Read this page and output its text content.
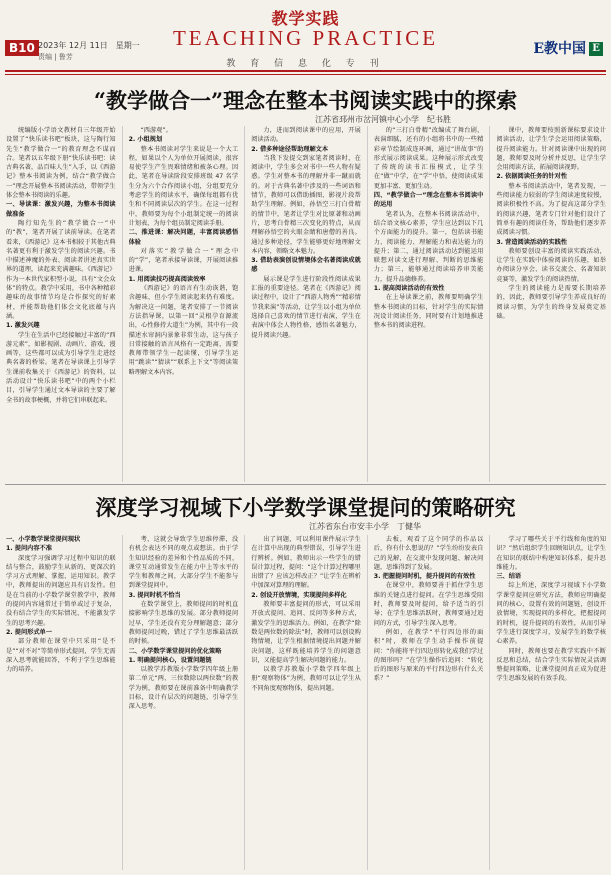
B10 2023年 12月 11日　星期一
责编 | 鲁芳
教学实践
TEACHING PRACTICE
教 育 信 息 化 专 刊
E教中国 E
“教学做合一”理念在整本书阅读实践中的探索
江苏省邳州市岔河镇中心小学　纪书胜

统编版小学语文教材自三年级开始设置了“快乐读书吧”板块，这与陶行知先生“教学做合一”的教育理念不谋而合。笔者以五年级下册“快乐读书吧：读古典名著，品百味人生”入手，以《西游记》整本书阅读为例，结合“教学做合一”理念开展整本书阅读活动，带领学生体会整本书阅读的乐趣。

一、导读课：激发兴趣，为整本书阅读做准备

陶行知先生的“教学做合一”中的“教”，笔者开展了读前导读。在笔者看来，《西游记》这本书相较于其他古典名著更有利于激发学生的阅读兴趣。书中描述神魔的外表、阅读者讲述真实世界的道理，读起来充满趣味。《西游记》作为一本世代家积型小说，具有“文会众体”的特点。教学中采用，书中各种精彩趣味的故事情节均是合作探究的好素材，并能帮助他们体会文化底蕴与内涵。

1. 激发兴趣

学生在生活中已经接触过丰富的“西游元素”，如影视剧、动画片、游戏、漫画等，这些都可以成为引导学生走进经典名著的桥梁。笔者在导读课上引导学生课前收集关于《西游记》的资料，以活动设计“快乐读书吧”中的两个小栏目，引导学生通过文本导读的主要了解全书的故事梗概，并将它们串联起来。

“西游观”。

2. 小组规划

整本书阅读对学生来说是一个大工程，如果以个人为单位开展阅读，很容易使学生产生畏难情绪和被条心理。因此，笔者在导读阶段安排班级 47 名学生分为六个合作阅读小组，分组要充分考虑学生的阅读水平，确保每组都有优生和不同阅读层次的学生。在这一过程中，教师要为每个小组制定统一的阅读计划表，为每个组员制定阅读手册。

二、推进课：解决问题，丰富阅读感悟体验

对落实“教学做合一”理念中的“学”，笔者承接导读课，开展阅读推进课。

1. 用阅读技巧提高阅读效率

《西游记》的语言有生动诙谐，饱含趣味，但小学生阅读起来仍有难度。为解决这一问题，笔者安排了一节阅读方法指导课，以第一回“灵根孕育源流出，心性修持大道生”为例，其中有一段描述水帘洞内景象非常生动，这与孩子日常接触的语言风格有一定距离，需要教师带领学生一起读懂，引导学生运用“跳读”“猜读”“联系上下文”等阅读策略理解文本内容。

力，进而到阅读课中的应用，开展阅读活动。

2. 借多种途径帮助理解文本

当我下发提交到家笔者阅读时，在阅读中，学生多会对书中一些人物有疑惑。学生对整本书的理解并非一蹴而就的。对于古典名著中涉及的一些词语和情节，教师可以借助插图、影视片段帮助学生理解。例如，孙悟空三打白骨精的情节中，笔者让学生对比原著和动画片，思考白骨精三次变化的特点，从而理解孙悟空的火眼金睛和唐僧的善良。通过多种途径，学生能够更好地理解文本内容，领略文本魅力。

3. 借助表演创设情境体会名著阅读成就感

展示课是学生进行阶段性阅读成果汇报的重要途径。笔者在《西游记》阅读过程中，设计了“西游人物秀”“精彩情节我来演”等活动，让学生以小组为单位选择自己喜欢的情节进行表演，学生在表演中体会人物性格，感悟名著魅力，提升阅读兴趣。

的“三打白骨精”改编成了舞台剧，表演细腻，还有的小组将书中的一些精彩章节绘制成连环画，通过“讲故事”的形式展示阅读成果。这种展示形式改变了传统的读书汇报模式，让学生在“做”中学，在“学”中悟，使阅读成果更加丰富、更加生动。

四、“教学做合一”理念在整本书阅读中的运用

笔者认为，在整本书阅读活动中，结合语文核心素养，学生应达到以下几个方面能力的提升。第一，包括读书能力、阅读能力、理解能力和表达能力的提升；第二，通过阅读活动达到能运用联想对读文进行理解、判断的思维能力；第三，能够通过阅读培养审美能力，提升品德修养。

1. 提高阅读活动的有效性

在上导读课之前，教师要明确学生整本书阅读的目标，针对学生的实际情况设计阅读任务，同时要有计划地推进整本书的阅读进程。

课中，教师要按照新课标要求设计阅读活动，让学生学会运用阅读策略，提升阅读能力。针对阅读课中出现的问题，教师要及时分析并反思，让学生学会用阅读方法，拓展阅读视野。

2. 依据阅读任务的针对性

整本书阅读活动中，笔者发现，一些阅读能力较弱的学生阅读速度较慢，阅读积极性不高。为了提高这部分学生的阅读兴趣，笔者专门针对他们设计了简单有趣的阅读任务，帮助他们逐步养成阅读习惯。

3. 营造阅读活动的实践性

教师要创设丰富的阅读实践活动，让学生在实践中体验阅读的乐趣，如举办阅读分享会、读书交流会、名著知识竞赛等，激发学生的阅读热情。

学生的阅读能力是需要长期培养的，因此，教师要引导学生养成良好的阅读习惯，为学生的终身发展奠定基础。

深度学习视域下小学数学课堂提问的策略研究
江苏省东台市安丰小学　丁健华

一、小学数学课堂提问现状

1. 提问内容不准

深度学习强调学习过程中知识的联结与整合，鼓励学生从新的、更深次的学习方式理解、掌握、运用知识。教学中，教师提出的问题应具有启发性。但是在当前的小学数学课堂教学中，教师的提问内容通常过于简单或过于复杂，没有结合学生的实际情况，不能激发学生的思考兴趣。

2. 提问形式单一

部分教师在课堂中只采用“是不是”“对不对”等简单形式提问，学生无需深入思考就能回答，不利于学生思维能力的培养。

考，这就会导致学生思维停滞，没有机会表达不同的观点或想法。由于学生知识经验的差异和个性品质的不同，课堂互动通常发生在能力中上等水平的学生和教师之间，大部分学生不能参与到课堂提问中。

3. 提问时机不恰当

在数学课堂上，教师提问的时机直接影响学生思维的发展。部分教师提问过早，学生还没有充分理解题意；部分教师提问过晚，错过了学生思维最活跃的时候。

二、小学数学课堂提问的优化策略

1. 明确提问核心，设置问题链

以教学苏教版小学数学四年级上册第二单元“两、三位数除以两位数”的教学为例，教师要在课前准备中明确教学目标，设计有层次的问题链，引导学生深入思考。

出了问题，可以利用课件展示学生在计算中出现的典型错误，引导学生进行辨析。例如，教师出示一些学生的错误计算过程，提问：“这个计算过程哪里出错了？应该怎样改正？”让学生在辨析中加深对算理的理解。

2. 创设开放情境，实现提问多样化

教师要丰富提问的形式，可以采用开放式提问、追问、反问等多种方式，激发学生的思维活力。例如，在教学“除数是两位数的除法”时，教师可以创设购物情境，让学生根据情境提出问题并解决问题，这样既能培养学生的问题意识，又能提高学生解决问题的能力。

以教学苏教版小学数学四年级上册“观察物体”为例，教师可以让学生从不同角度观察物体，提出问题。

去板，观看了这个同学的作品以后，你有什么想说的？”学生纷纷发表自己的见解，在交流中发现问题、解决问题，思维得到了发展。

3. 把握提问时机，提升提问的有效性

在课堂中，教师要善于抓住学生思维的关键点进行提问。在学生思维受阻时，教师要及时提问，给予适当的引导；在学生思维活跃时，教师要通过追问的方式，引导学生深入思考。

例如，在教学“平行四边形的面积”时，教师在学生动手操作前提问：“你能将平行四边形转化成我们学过的图形吗？”在学生操作后追问：“转化后的图形与原来的平行四边形有什么关系？”

学习了哪些关于平行线和角度的知识？”然后组织学生回顾知识点，让学生在知识的联结中构建知识体系，提升思维能力。

三、结语

综上所述，深度学习视域下小学数学课堂提问应研究方法，教师应明确提问的核心，设置有效的问题链，创设开放情境，实现提问的多样化，把握提问的时机，提升提问的有效性，从而引导学生进行深度学习，发展学生的数学核心素养。

同时，教师也要在教学实践中不断反思和总结，结合学生实际情况灵活调整提问策略，让课堂提问真正成为促进学生思维发展的有效手段。
